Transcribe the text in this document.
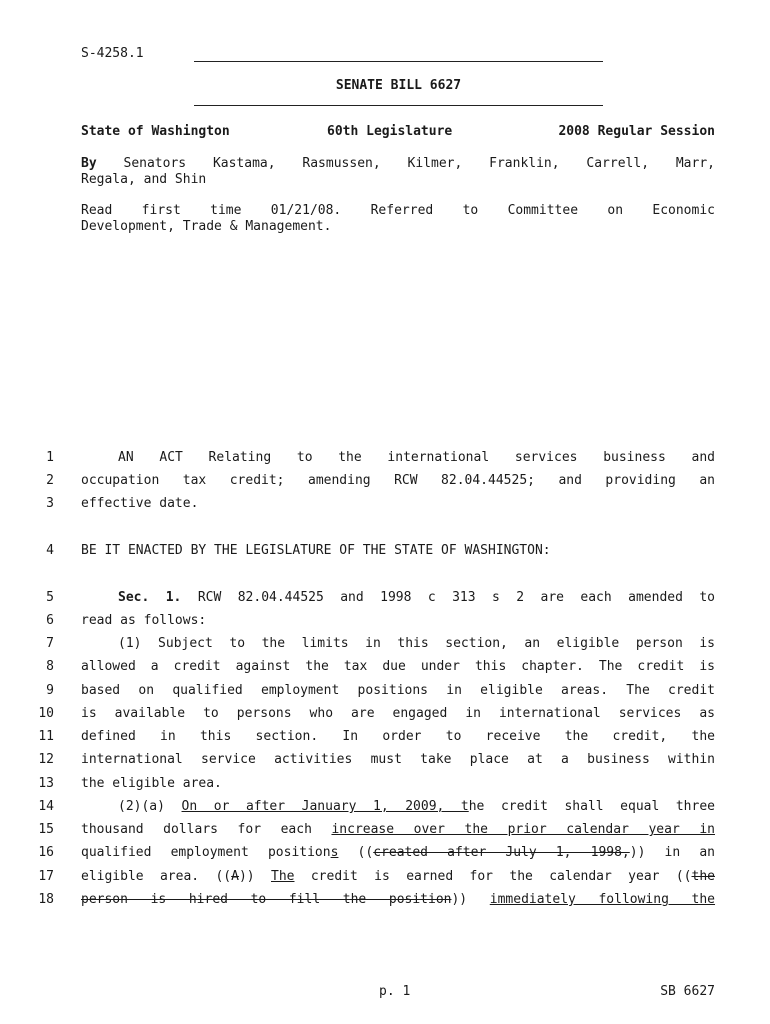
S-4258.1
SENATE BILL 6627
State of Washington	60th Legislature	2008 Regular Session
By Senators Kastama, Rasmussen, Kilmer, Franklin, Carrell, Marr,
Regala, and Shin
Read first time 01/21/08. Referred to Committee on Economic
Development, Trade & Management.
1
2
3
4
5
6
7
8
9
10
11
12
13
14
15
16
17
18
AN ACT Relating to the international services business and
occupation tax credit; amending RCW 82.04.44525; and providing an
effective date.
BE IT ENACTED BY THE LEGISLATURE OF THE STATE OF WASHINGTON:
Sec. 1. RCW 82.04.44525 and 1998 c 313 s 2 are each amended to
read as follows:
(1) Subject to the limits in this section, an eligible person is
allowed a credit against the tax due under this chapter. The credit is
based on qualified employment positions in eligible areas. The credit
is available to persons who are engaged in international services as
defined in this section. In order to receive the credit, the
international service activities must take place at a business within
the eligible area.
(2)(a) On or after January 1, 2009, the credit shall equal three
thousand dollars for each increase over the prior calendar year in
qualified employment positions ((created after July 1, 1998,)) in an
eligible area. ((A)) The credit is earned for the calendar year ((the
person is hired to fill the position)) immediately following the
p. 1	SB 6627
